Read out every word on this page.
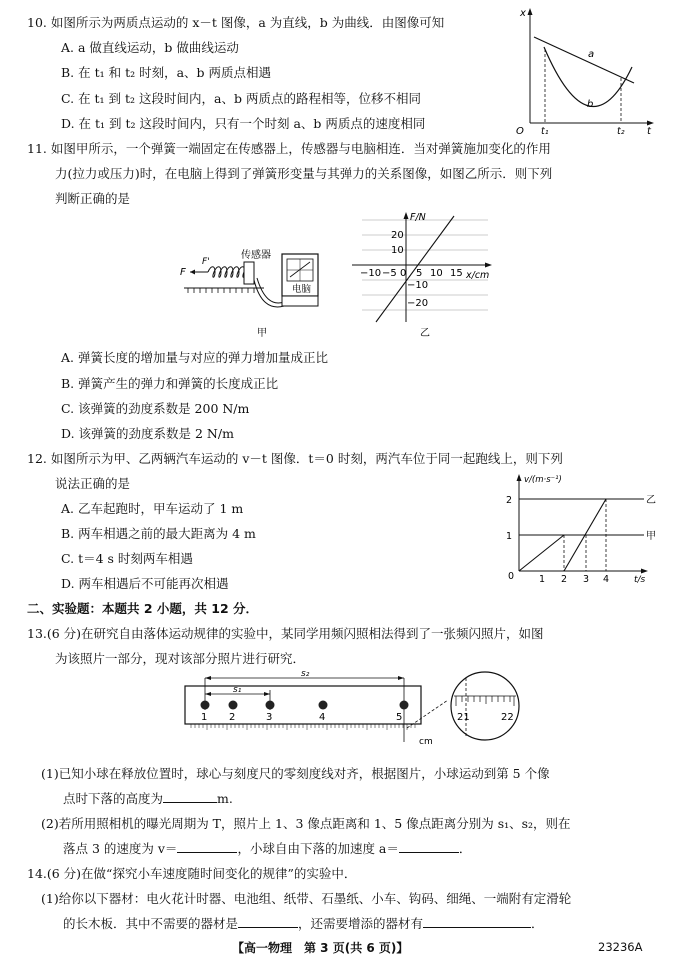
10. 如图所示为两质点运动的 x－t 图像，a 为直线，b 为曲线．由图像可知
A. a 做直线运动，b 做曲线运动
B. 在 t₁ 和 t₂ 时刻，a、b 两质点相遇
C. 在 t₁ 到 t₂ 这段时间内，a、b 两质点的路程相等，位移不相同
D. 在 t₁ 到 t₂ 这段时间内，只有一个时刻 a、b 两质点的速度相同
x
O
a
b
t₁	t₂ t
11. 如图甲所示，一个弹簧一端固定在传感器上，传感器与电脑相连．当对弹簧施加变化的作用
力(拉力或压力)时，在电脑上得到了弹簧形变量与其弹力的关系图像，如图乙所示．则下列
判断正确的是
F
F'
传感器
电脑
甲
F/N
x/cm
20
10
−10
−20
−10 −5 0 5 10 15
乙
A. 弹簧长度的增加量与对应的弹力增加量成正比
B. 弹簧产生的弹力和弹簧的长度成正比
C. 该弹簧的劲度系数是 200 N/m
D. 该弹簧的劲度系数是 2 N/m
12. 如图所示为甲、乙两辆汽车运动的 v－t 图像．t＝0 时刻，两汽车位于同一起跑线上，则下列
说法正确的是
A. 乙车起跑时，甲车运动了 1 m
B. 两车相遇之前的最大距离为 4 m
C. t＝4 s 时刻两车相遇
D. 两车相遇后不可能再次相遇
v/(m·s⁻¹)
t/s
0
2
1
1 2 3 4
乙
甲
二、实验题：本题共 2 小题，共 12 分．
13.(6 分)在研究自由落体运动规律的实验中，某同学用频闪照相法得到了一张频闪照片，如图
为该照片一部分，现对该部分照片进行研究．
s₁
s₂
1 2	3	4	5
cm
21	22
(1)已知小球在释放位置时，球心与刻度尺的零刻度线对齐，根据图片，小球运动到第 5 个像
点时下落的高度为	m.
(2)若所用照相机的曝光周期为 T，照片上 1、3 像点距离和 1、5 像点距离分别为 s₁、s₂，则在
落点 3 的速度为 v＝	，小球自由下落的加速度 a＝	．
14.(6 分)在做“探究小车速度随时间变化的规律”的实验中．
(1)给你以下器材：电火花计时器、电池组、纸带、石墨纸、小车、钩码、细绳、一端附有定滑轮
的长木板．其中不需要的器材是	，还需要增添的器材有	．
【高一物理　第 3 页(共 6 页)】	23236A
